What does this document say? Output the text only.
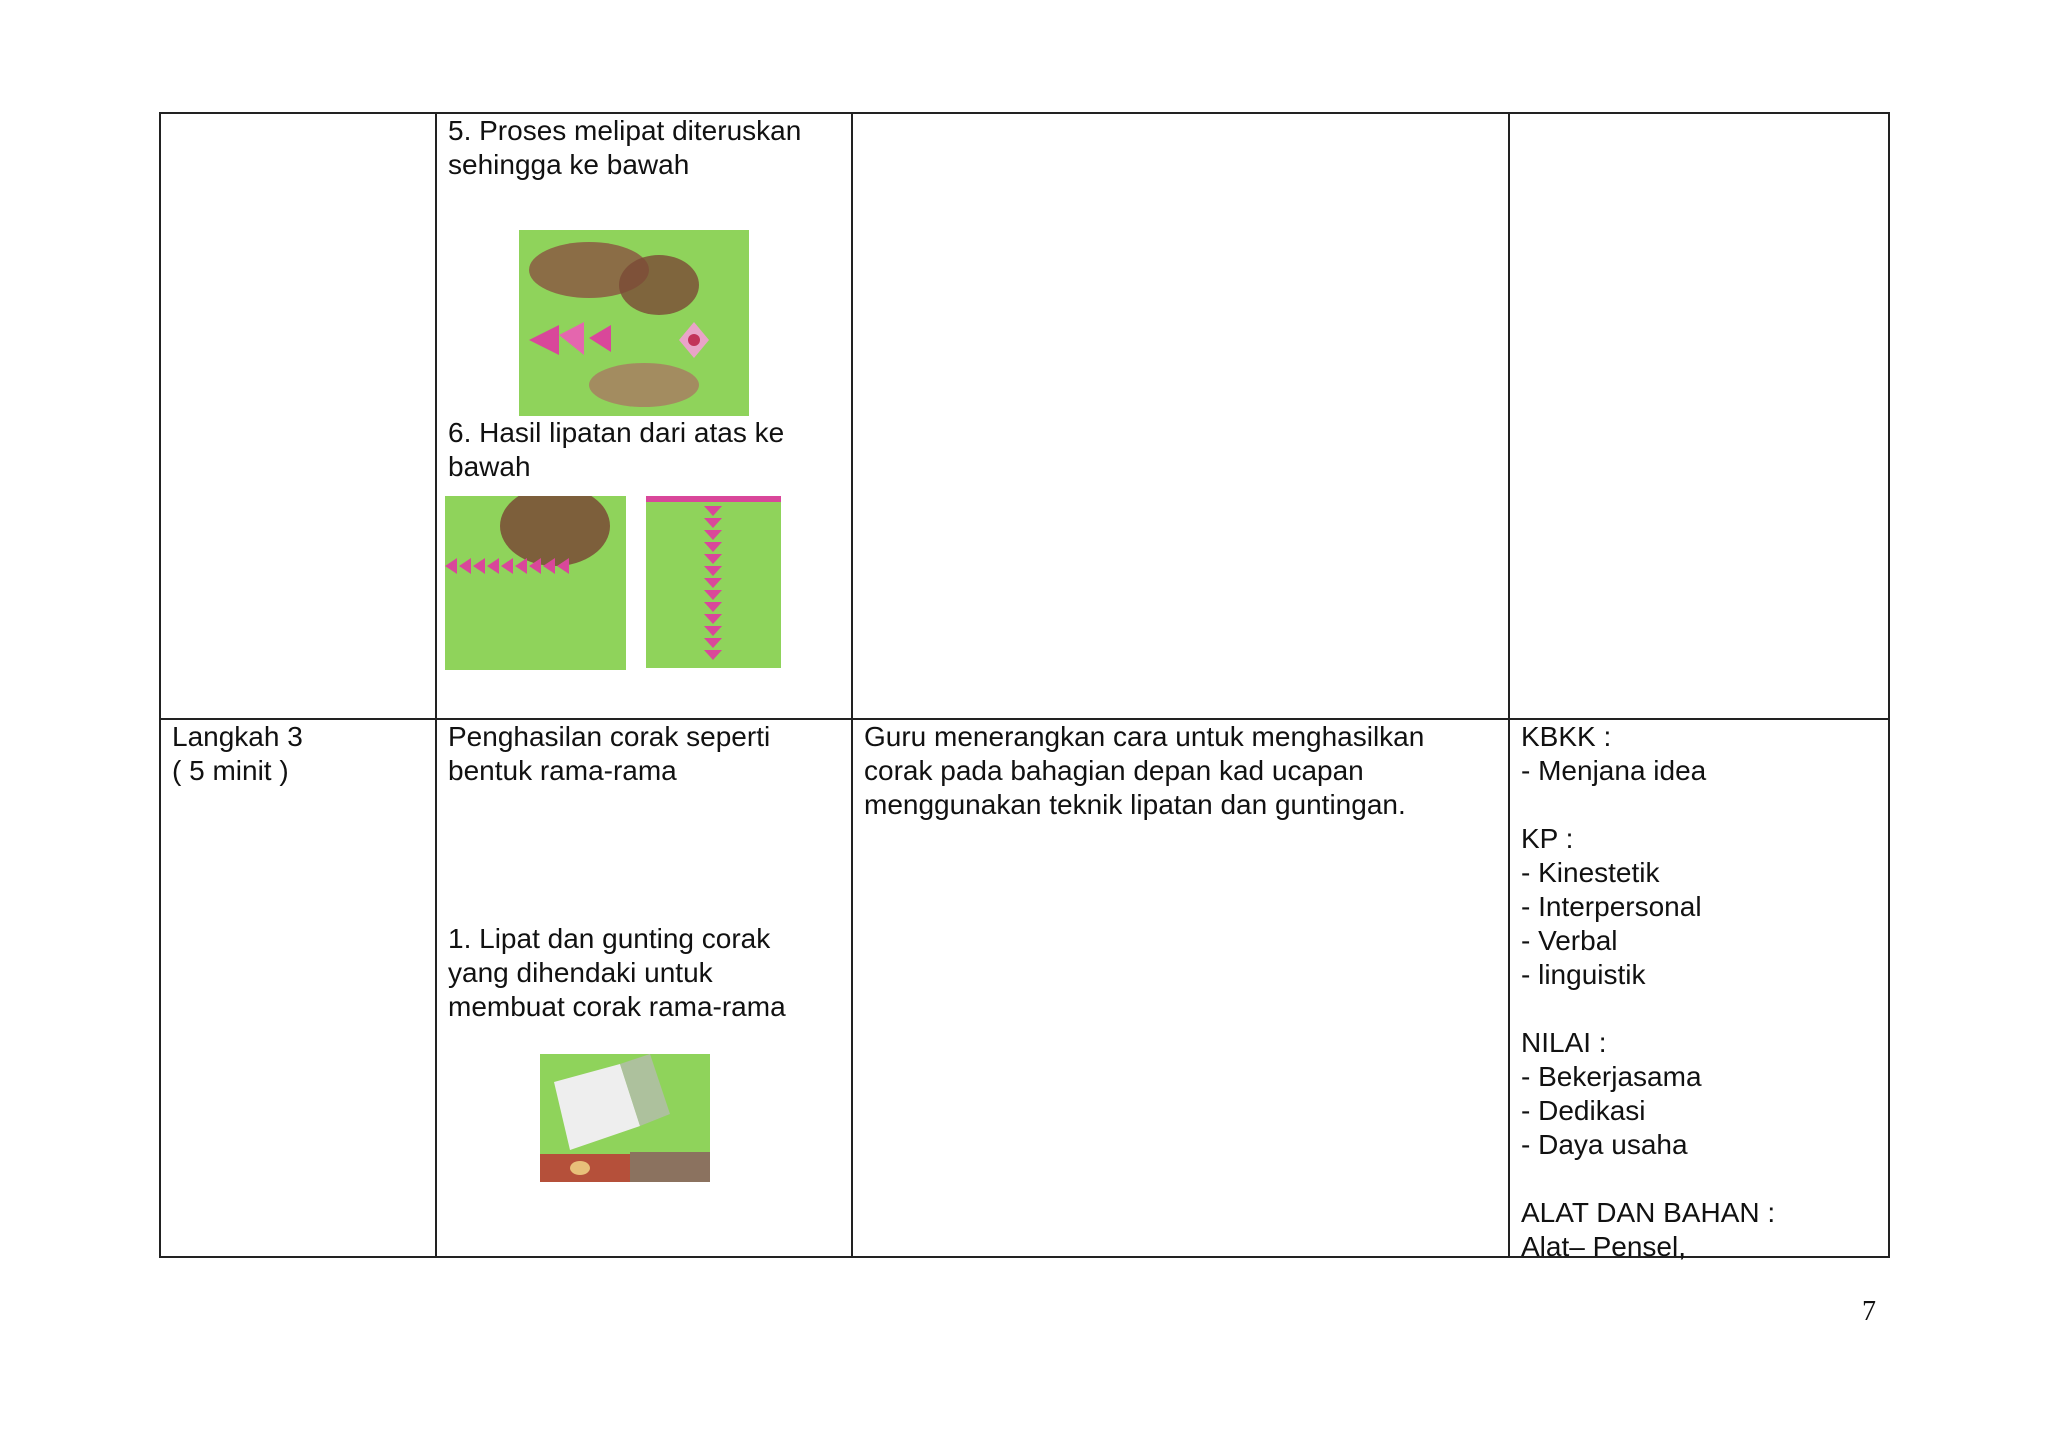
5. Proses melipat diteruskan
sehingga ke bawah
6. Hasil lipatan dari atas ke
bawah
Langkah 3
( 5 minit )
Penghasilan corak seperti
bentuk rama-rama
1. Lipat dan gunting corak
yang dihendaki untuk
membuat corak rama-rama
Guru menerangkan cara untuk menghasilkan
corak pada bahagian depan kad ucapan
menggunakan teknik lipatan dan guntingan.
KBKK :
- Menjana idea

KP :
- Kinestetik
- Interpersonal
- Verbal
- linguistik

NILAI :
- Bekerjasama
- Dedikasi
- Daya usaha

ALAT DAN BAHAN :
Alat– Pensel,
7
